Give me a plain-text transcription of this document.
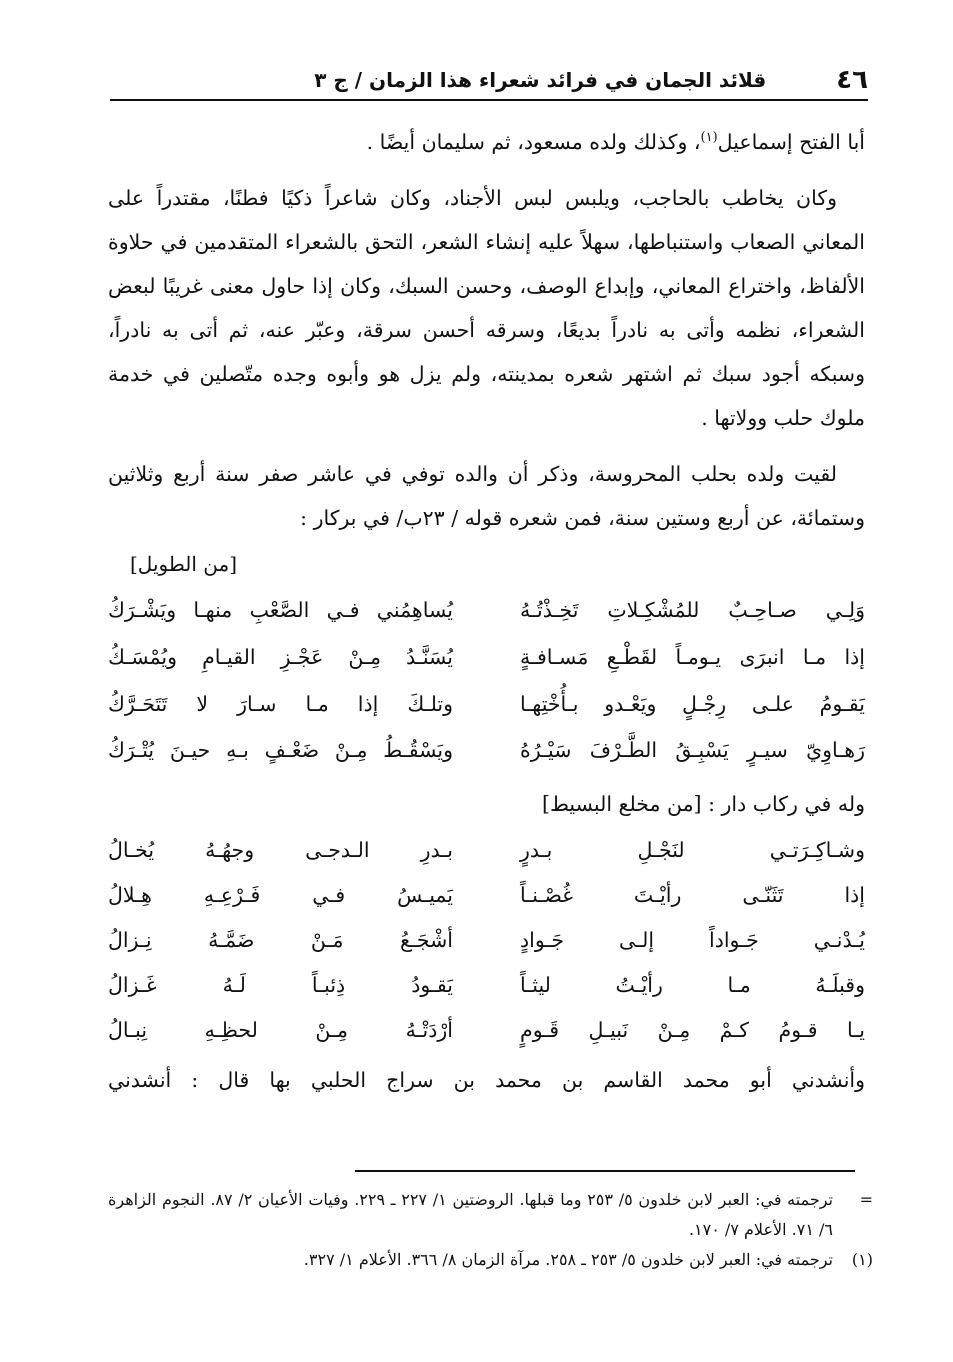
٤٦
قلائد الجمان في فرائد شعراء هذا الزمان / ج ٣

أبا الفتح إسماعيل$^{(١)}$، وكذلك ولده مسعود، ثم سليمان أيضًا .

وكان يخاطب بالحاجب، ويلبس لبس الأجناد، وكان شاعراً ذكيًا فطنًا، مقتدراً على المعاني الصعاب واستنباطها، سهلاً عليه إنشاء الشعر، التحق بالشعراء المتقدمين في حلاوة الألفاظ، واختراع المعاني، وإبداع الوصف، وحسن السبك، وكان إذا حاول معنى غريبًا لبعض الشعراء، نظمه وأتى به نادراً بديعًا، وسرقه أحسن سرقة، وعبّر عنه، ثم أتى به نادراً، وسبكه أجود سبك ثم اشتهر شعره بمدينته، ولم يزل هو وأبوه وجده متّصلين في خدمة ملوك حلب وولاتها .

لقيت ولده بحلب المحروسة، وذكر أن والده توفي في عاشر صفر سنة أربع وثلاثين وستمائة، عن أربع وستين سنة، فمن شعره قوله / ٢٣ب/ في بركار :

[من الطويل]
وَلِـي صـاحِـبٌ للمُشْكِـلاتِ تَخِـذْتُـهُ
يُساهِمُني فـي الصَّعْبِ منهـا ويَشْـرَكُ
إذا مـا انبرَى يـومـاً لقَطْـعِ مَسـافـةٍ
يُسَنَّـدُ مِـنْ عَجْـزِ القيـامِ ويُمْسَـكُ
يَقـومُ علـى رِجْـلٍ ويَعْـدو بـأُخْتِهـا
وتلـكَ إذا مـا سـارَ لا تَتَحَـرَّكُ
رَهـاوِيّ سيـرٍ يَسْبِـقُ الطَّـرْفَ سَيْـرُهُ
ويَسْقُـطُ مِـنْ ضَعْـفٍ بـهِ حيـنَ يُتْـرَكُ
وله في ركاب دار : [من مخلع البسيط]
وشـاكِـرَتـي لنَجْـلِ بـدرٍ
بـدرِ الـدجـى وجهُـهُ يُخـالُ
إذا تَثَنّـى رأيْـتَ غُصْـنـاً
يَميـسُ فـي فَـرْعِـهِ هِـلالُ
يُـدْنـي جَـواداً إلـى جَـوادٍ
أشْجَـعُ مَـنْ ضَمَّـهُ نِـزالُ
وقبلَـهُ مـا رأيْـتُ ليثـاً
يَقـودُ ذِئبـاً لَـهُ غَـزالُ
يـا قـومُ كـمْ مِـنْ نَبيـلِ قَـومٍ
أرْدَتْـهُ مِـنْ لحظِـهِ نِبـالُ
وأنشدني أبو محمد القاسم بن محمد بن سراج الحلبي بها قال : أنشدني
=
ترجمته في: العبر لابن خلدون ٥/ ٢٥٣ وما قبلها. الروضتين ١/ ٢٢٧ ـ ٢٢٩. وفيات الأعيان ٢/ ٨٧. النجوم الزاهرة ٦/ ٧١. الأعلام ٧/ ١٧٠.
(١)
ترجمته في: العبر لابن خلدون ٥/ ٢٥٣ ـ ٢٥٨. مرآة الزمان ٨/ ٣٦٦. الأعلام ١/ ٣٢٧.
